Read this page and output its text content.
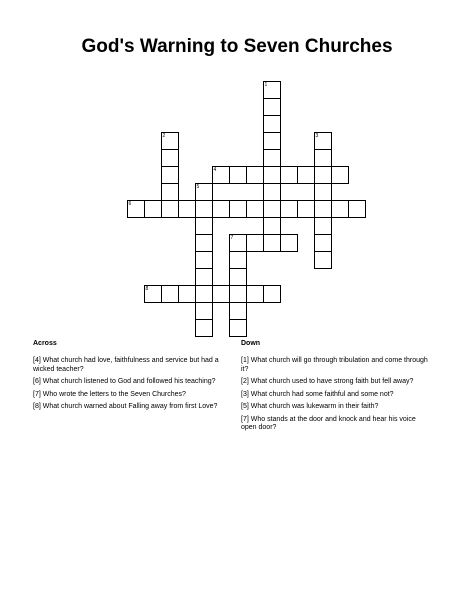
God's Warning to Seven Churches
1
2	3
5
7
4
6
8
Across	Down
[4] What church had love, faithfulness and service but had a wicked teacher?
[6] What church listened to God and followed his teaching?
[7] Who wrote the letters to the Seven Churches?
[8] What church warned about Falling away from first Love?
[1] What church will go through tribulation and come through it?
[2] What church used to have strong faith but fell away?
[3] What church had some faithful and some not?
[5] What church was lukewarm in their faith?
[7] Who stands at the door and knock and hear his voice open door?
